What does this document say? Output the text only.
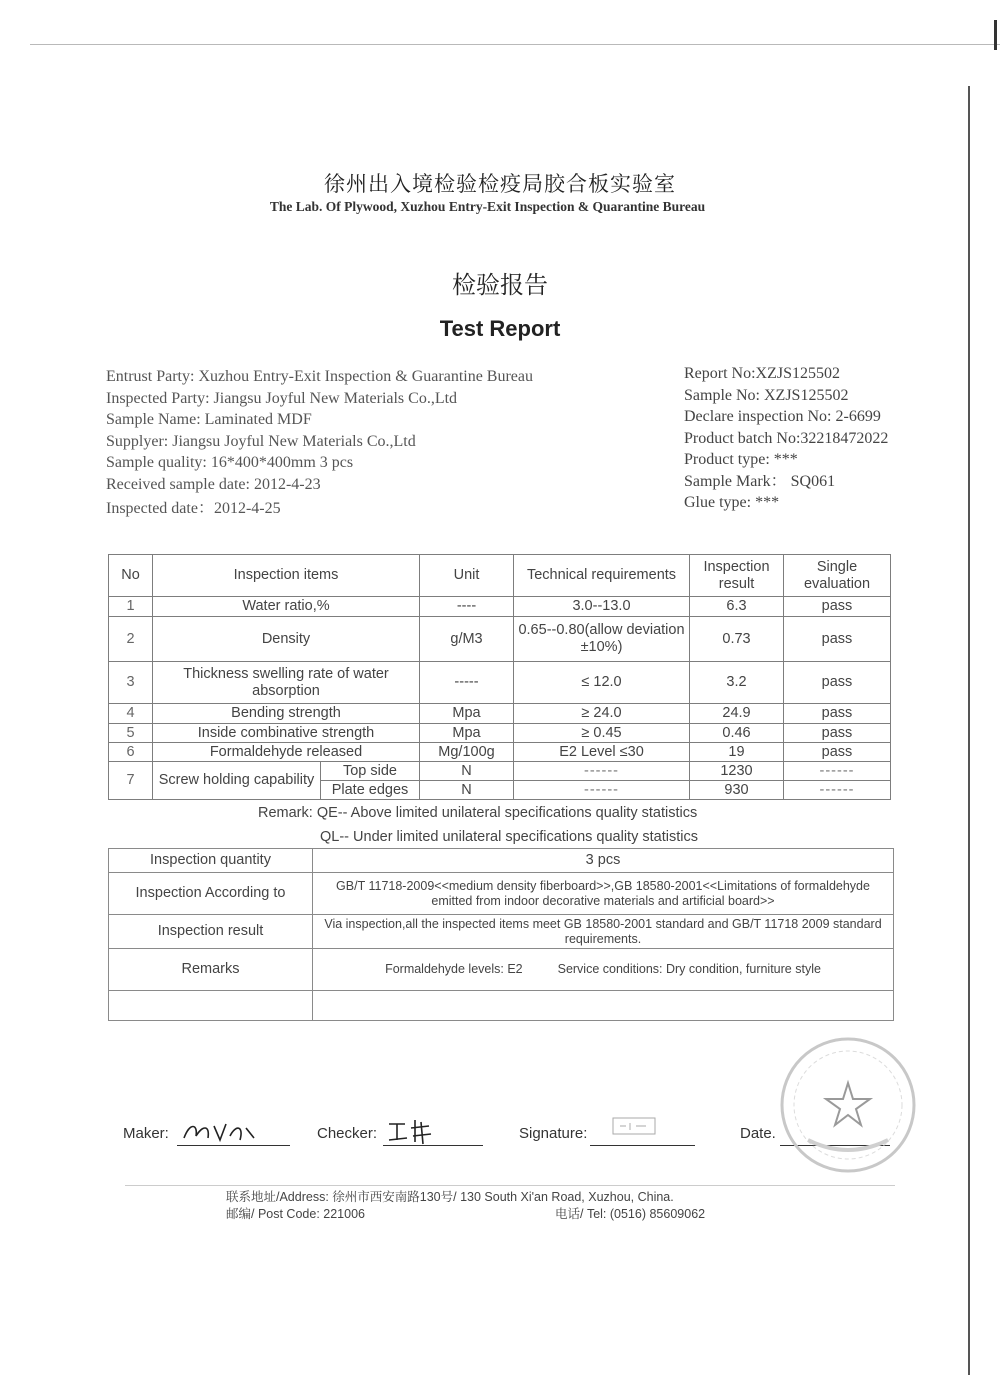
徐州出入境检验检疫局胶合板实验室
The Lab. Of Plywood, Xuzhou Entry-Exit Inspection & Quarantine Bureau
检验报告
Test Report
Entrust Party: Xuzhou Entry-Exit Inspection & Guarantine Bureau
Inspected Party: Jiangsu Joyful New Materials Co.,Ltd
Sample Name: Laminated MDF
Supplyer: Jiangsu Joyful New Materials Co.,Ltd
Sample quality: 16*400*400mm 3 pcs
Received sample date: 2012-4-23
Inspected date：2012-4-25
Report No:XZJS125502
Sample No: XZJS125502
Declare inspection No: 2-6699
Product batch No:32218472022
Product type: ***
Sample Mark： SQ061
Glue type: ***
No	Inspection items		Unit	Technical requirements	Inspection result	Single evaluation
1	Water ratio,%		----	3.0--13.0	6.3	pass
2	Density		g/M3	0.65--0.80(allow deviation ±10%)	0.73	pass
3	Thickness swelling rate of water absorption		-----	≤ 12.0	3.2	pass
4	Bending strength		Mpa	≥ 24.0	24.9	pass
5	Inside combinative strength		Mpa	≥ 0.45	0.46	pass
6	Formaldehyde released		Mg/100g	E2 Level ≤30	19	pass
7	Screw holding capability	Top side	N	------	1230	------
		Plate edges	N	------	930	------
Remark: QE-- Above limited unilateral specifications quality statistics
QL-- Under limited unilateral specifications quality statistics
Inspection quantity	3 pcs
Inspection According to	GB/T 11718-2009<<medium density fiberboard>>,GB 18580-2001<<Limitations of formaldehyde emitted from indoor decorative materials and artificial board>>
Inspection result	Via inspection,all the inspected items meet GB 18580-2001 standard and GB/T 11718 2009 standard requirements.
Remarks	Formaldehyde levels: E2 Service conditions: Dry condition, furniture style

Maker:	Checker:	Signature:	Date.
联系地址/Address: 徐州市西安南路130号/ 130 South Xi'an Road, Xuzhou, China.
邮编/ Post Code: 221006	电话/ Tel: (0516) 85609062
